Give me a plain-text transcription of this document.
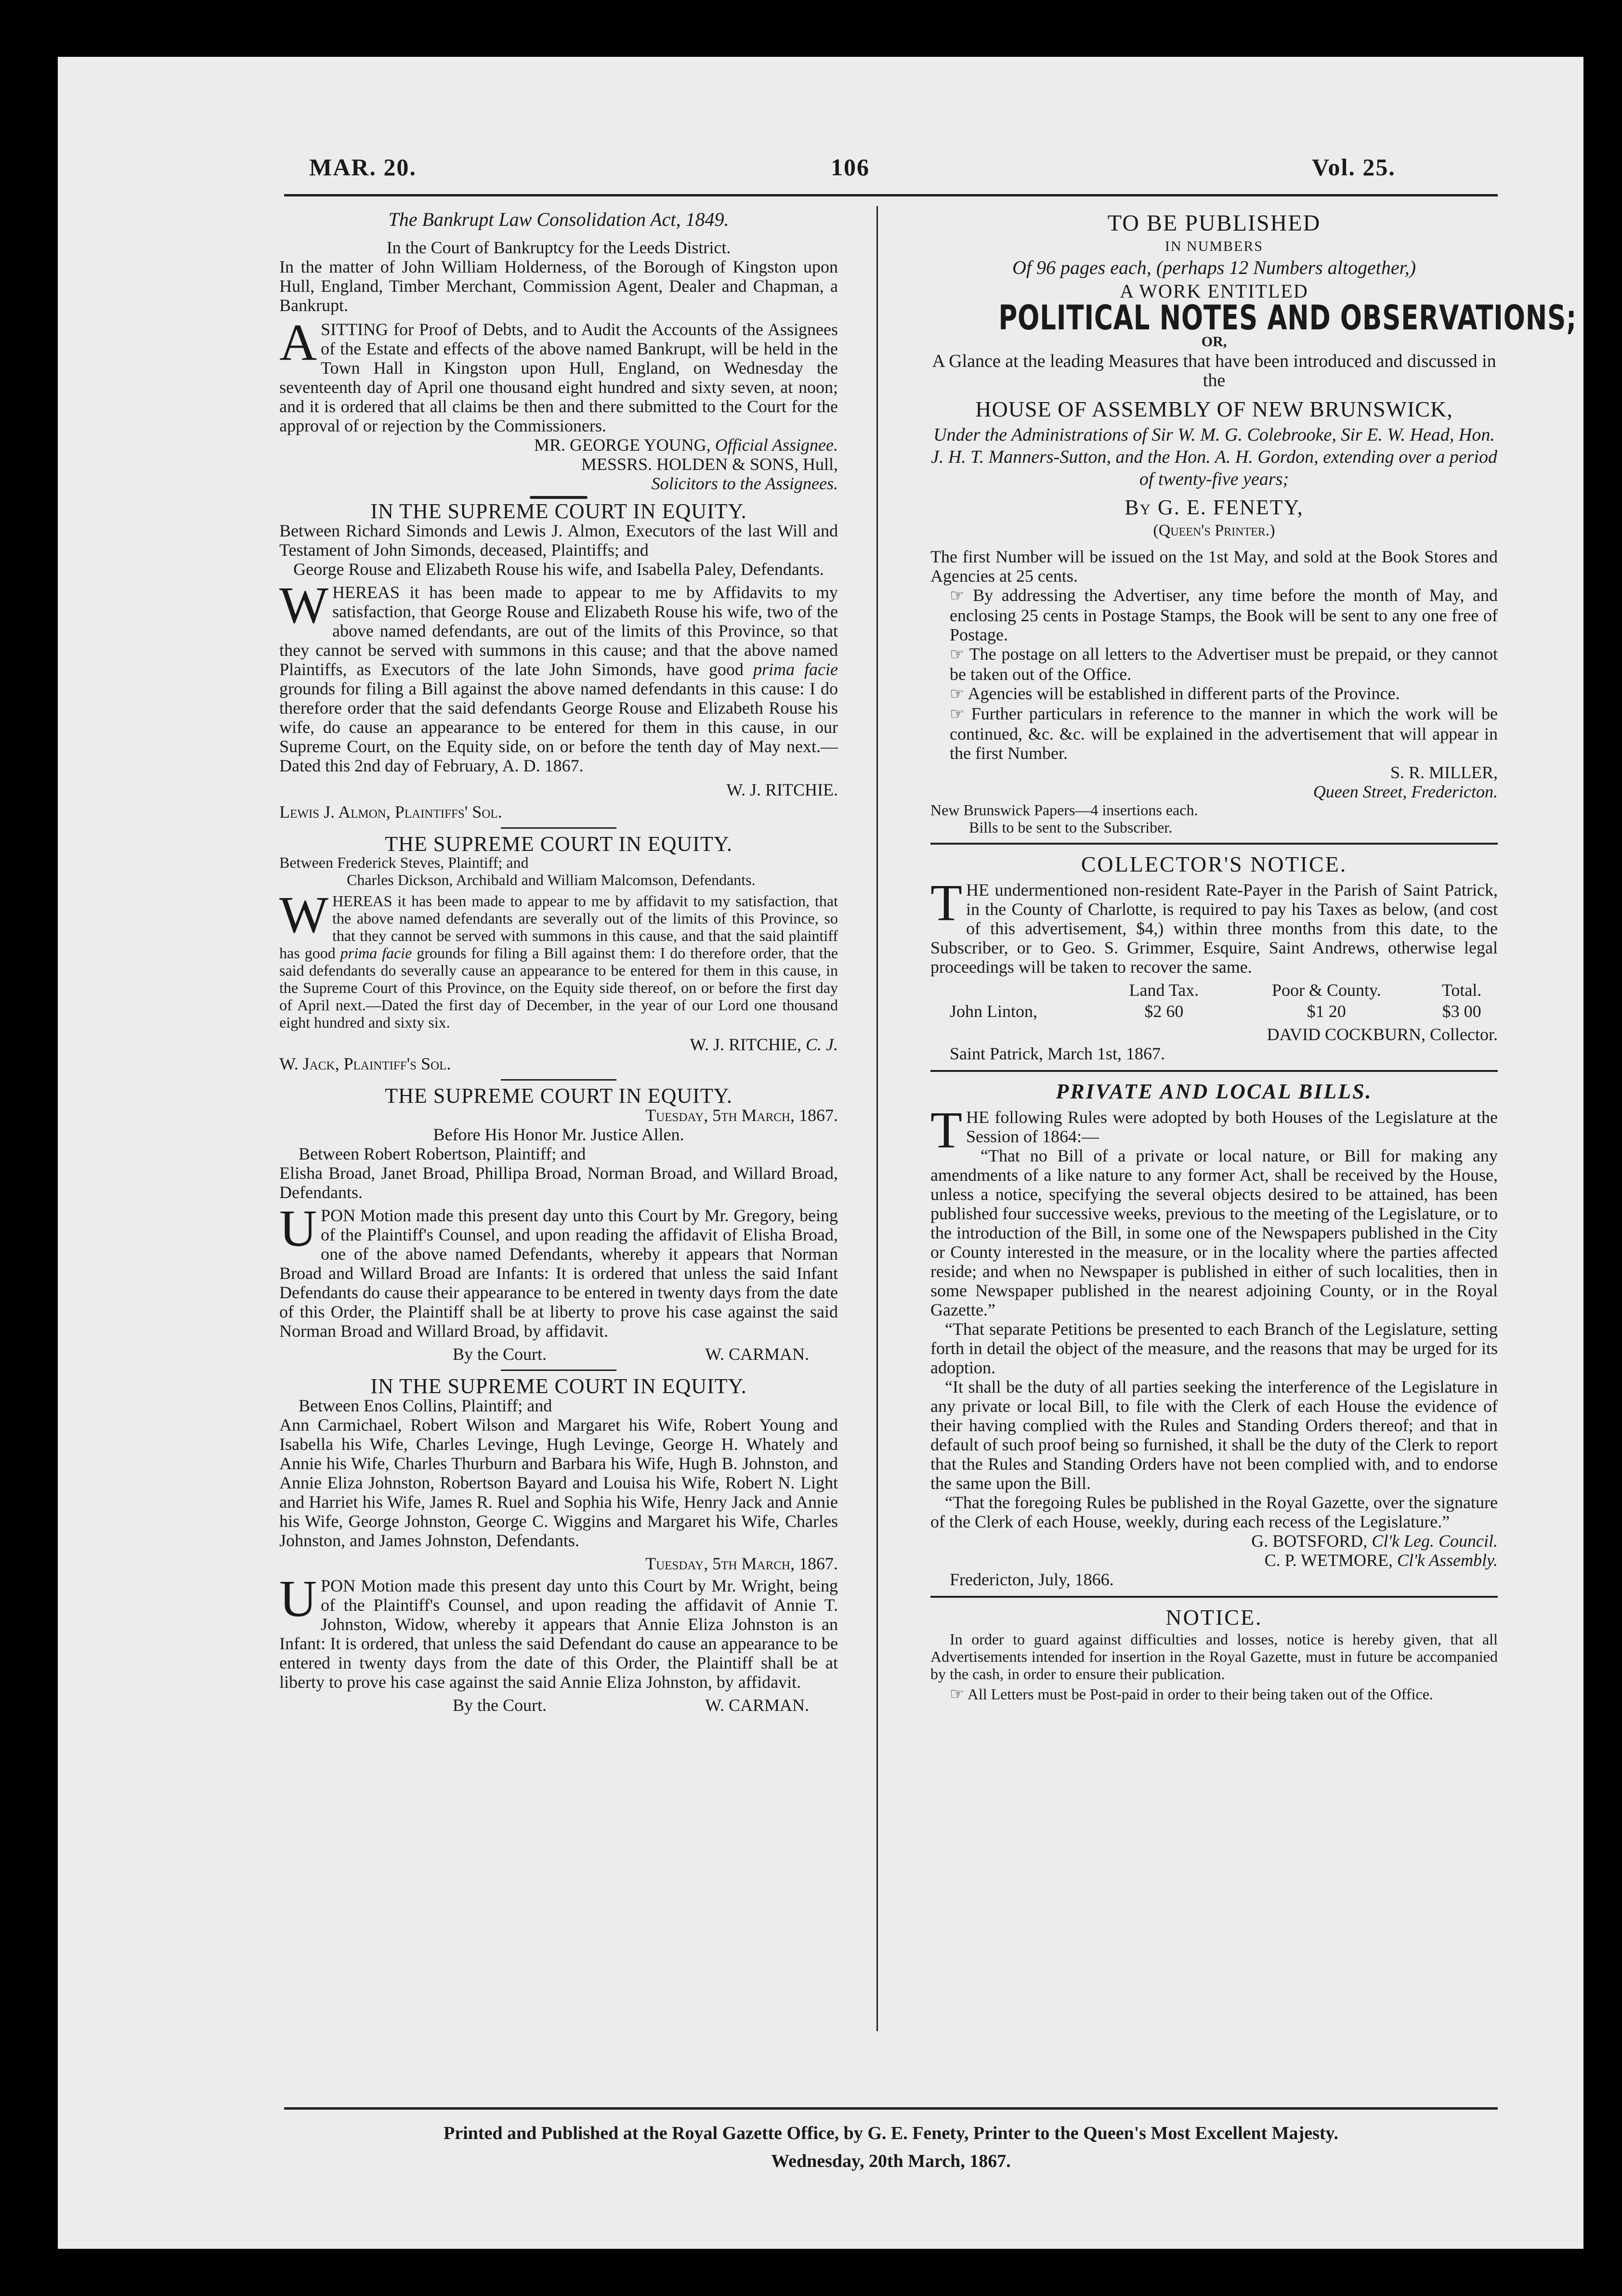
MAR. 20.	106	Vol. 25.

The Bankrupt Law Consolidation Act, 1849.

In the Court of Bankruptcy for the Leeds District.

In the matter of John William Holderness, of the Borough of Kingston upon Hull, England, Timber Merchant, Commission Agent, Dealer and Chapman, a Bankrupt.

ASITTING for Proof of Debts, and to Audit the Accounts of the Assignees of the Estate and effects of the above named Bankrupt, will be held in the Town Hall in Kingston upon Hull, England, on Wednesday the seventeenth day of April one thousand eight hundred and sixty seven, at noon; and it is ordered that all claims be then and there submitted to the Court for the approval of or rejection by the Commissioners.

MR. GEORGE YOUNG, Official Assignee.

MESSRS. HOLDEN & SONS, Hull,

Solicitors to the Assignees.

IN THE SUPREME COURT IN EQUITY.

Between Richard Simonds and Lewis J. Almon, Executors of the last Will and Testament of John Simonds, deceased, Plaintiffs; and

George Rouse and Elizabeth Rouse his wife, and Isabella Paley, Defendants.

WHEREAS it has been made to appear to me by Affidavits to my satisfaction, that George Rouse and Elizabeth Rouse his wife, two of the above named defendants, are out of the limits of this Province, so that they cannot be served with summons in this cause; and that the above named Plaintiffs, as Executors of the late John Simonds, have good prima facie grounds for filing a Bill against the above named defendants in this cause: I do therefore order that the said defendants George Rouse and Elizabeth Rouse his wife, do cause an appearance to be entered for them in this cause, in our Supreme Court, on the Equity side, on or before the tenth day of May next.—Dated this 2nd day of February, A. D. 1867.

W. J. RITCHIE.

Lewis J. Almon, Plaintiffs' Sol.

THE SUPREME COURT IN EQUITY.

Between Frederick Steves, Plaintiff; and

Charles Dickson, Archibald and William Malcomson, Defendants.

WHEREAS it has been made to appear to me by affidavit to my satisfaction, that the above named defendants are severally out of the limits of this Province, so that they cannot be served with summons in this cause, and that the said plaintiff has good prima facie grounds for filing a Bill against them: I do therefore order, that the said defendants do severally cause an appearance to be entered for them in this cause, in the Supreme Court of this Province, on the Equity side thereof, on or before the first day of April next.—Dated the first day of December, in the year of our Lord one thousand eight hundred and sixty six.

W. J. RITCHIE, C. J.

W. Jack, Plaintiff's Sol.

THE SUPREME COURT IN EQUITY.

Tuesday, 5th March, 1867.

Before His Honor Mr. Justice Allen.

Between Robert Robertson, Plaintiff; and

Elisha Broad, Janet Broad, Phillipa Broad, Norman Broad, and Willard Broad, Defendants.

UPON Motion made this present day unto this Court by Mr. Gregory, being of the Plaintiff's Counsel, and upon reading the affidavit of Elisha Broad, one of the above named Defendants, whereby it appears that Norman Broad and Willard Broad are Infants: It is ordered that unless the said Infant Defendants do cause their appearance to be entered in twenty days from the date of this Order, the Plaintiff shall be at liberty to prove his case against the said Norman Broad and Willard Broad, by affidavit.

By the Court.	W. CARMAN.

IN THE SUPREME COURT IN EQUITY.

Between Enos Collins, Plaintiff; and

Ann Carmichael, Robert Wilson and Margaret his Wife, Robert Young and Isabella his Wife, Charles Levinge, Hugh Levinge, George H. Whately and Annie his Wife, Charles Thurburn and Barbara his Wife, Hugh B. Johnston, and Annie Eliza Johnston, Robertson Bayard and Louisa his Wife, Robert N. Light and Harriet his Wife, James R. Ruel and Sophia his Wife, Henry Jack and Annie his Wife, George Johnston, George C. Wiggins and Margaret his Wife, Charles Johnston, and James Johnston, Defendants.

Tuesday, 5th March, 1867.

UPON Motion made this present day unto this Court by Mr. Wright, being of the Plaintiff's Counsel, and upon reading the affidavit of Annie T. Johnston, Widow, whereby it appears that Annie Eliza Johnston is an Infant: It is ordered, that unless the said Defendant do cause an appearance to be entered in twenty days from the date of this Order, the Plaintiff shall be at liberty to prove his case against the said Annie Eliza Johnston, by affidavit.

By the Court.	W. CARMAN.

TO BE PUBLISHED

IN NUMBERS

Of 96 pages each, (perhaps 12 Numbers altogether,)

A WORK ENTITLED

POLITICAL NOTES AND OBSERVATIONS;

OR,

A Glance at the leading Measures that have been introduced and discussed in the

HOUSE OF ASSEMBLY OF NEW BRUNSWICK,

Under the Administrations of Sir W. M. G. Colebrooke, Sir E. W. Head, Hon. J. H. T. Manners-Sutton, and the Hon. A. H. Gordon, extending over a period of twenty-five years;

By G. E. FENETY,

(Queen's Printer.)

The first Number will be issued on the 1st May, and sold at the Book Stores and Agencies at 25 cents.

☞ By addressing the Advertiser, any time before the month of May, and enclosing 25 cents in Postage Stamps, the Book will be sent to any one free of Postage.

☞ The postage on all letters to the Advertiser must be prepaid, or they cannot be taken out of the Office.

☞ Agencies will be established in different parts of the Province.

☞ Further particulars in reference to the manner in which the work will be continued, &c. &c. will be explained in the advertisement that will appear in the first Number.

S. R. MILLER,

Queen Street, Fredericton.

New Brunswick Papers—4 insertions each.

Bills to be sent to the Subscriber.

COLLECTOR'S NOTICE.

THE undermentioned non-resident Rate-Payer in the Parish of Saint Patrick, in the County of Charlotte, is required to pay his Taxes as below, (and cost of this advertisement, $4,) within three months from this date, to the Subscriber, or to Geo. S. Grimmer, Esquire, Saint Andrews, otherwise legal proceedings will be taken to recover the same.

	Land Tax.	Poor & County.	Total.
John Linton,	$2 60	$1 20	$3 00

DAVID COCKBURN, Collector.

Saint Patrick, March 1st, 1867.

PRIVATE AND LOCAL BILLS.

THE following Rules were adopted by both Houses of the Legislature at the Session of 1864:—

“That no Bill of a private or local nature, or Bill for making any amendments of a like nature to any former Act, shall be received by the House, unless a notice, specifying the several objects desired to be attained, has been published four successive weeks, previous to the meeting of the Legislature, or to the introduction of the Bill, in some one of the Newspapers published in the City or County interested in the measure, or in the locality where the parties affected reside; and when no Newspaper is published in either of such localities, then in some Newspaper published in the nearest adjoining County, or in the Royal Gazette.”

“That separate Petitions be presented to each Branch of the Legislature, setting forth in detail the object of the measure, and the reasons that may be urged for its adoption.

“It shall be the duty of all parties seeking the interference of the Legislature in any private or local Bill, to file with the Clerk of each House the evidence of their having complied with the Rules and Standing Orders thereof; and that in default of such proof being so furnished, it shall be the duty of the Clerk to report that the Rules and Standing Orders have not been complied with, and to endorse the same upon the Bill.

“That the foregoing Rules be published in the Royal Gazette, over the signature of the Clerk of each House, weekly, during each recess of the Legislature.”

G. BOTSFORD, Cl'k Leg. Council.

C. P. WETMORE, Cl'k Assembly.

Fredericton, July, 1866.

NOTICE.

In order to guard against difficulties and losses, notice is hereby given, that all Advertisements intended for insertion in the Royal Gazette, must in future be accompanied by the cash, in order to ensure their publication.

☞ All Letters must be Post-paid in order to their being taken out of the Office.

Printed and Published at the Royal Gazette Office, by G. E. Fenety, Printer to the Queen's Most Excellent Majesty.
Wednesday, 20th March, 1867.
